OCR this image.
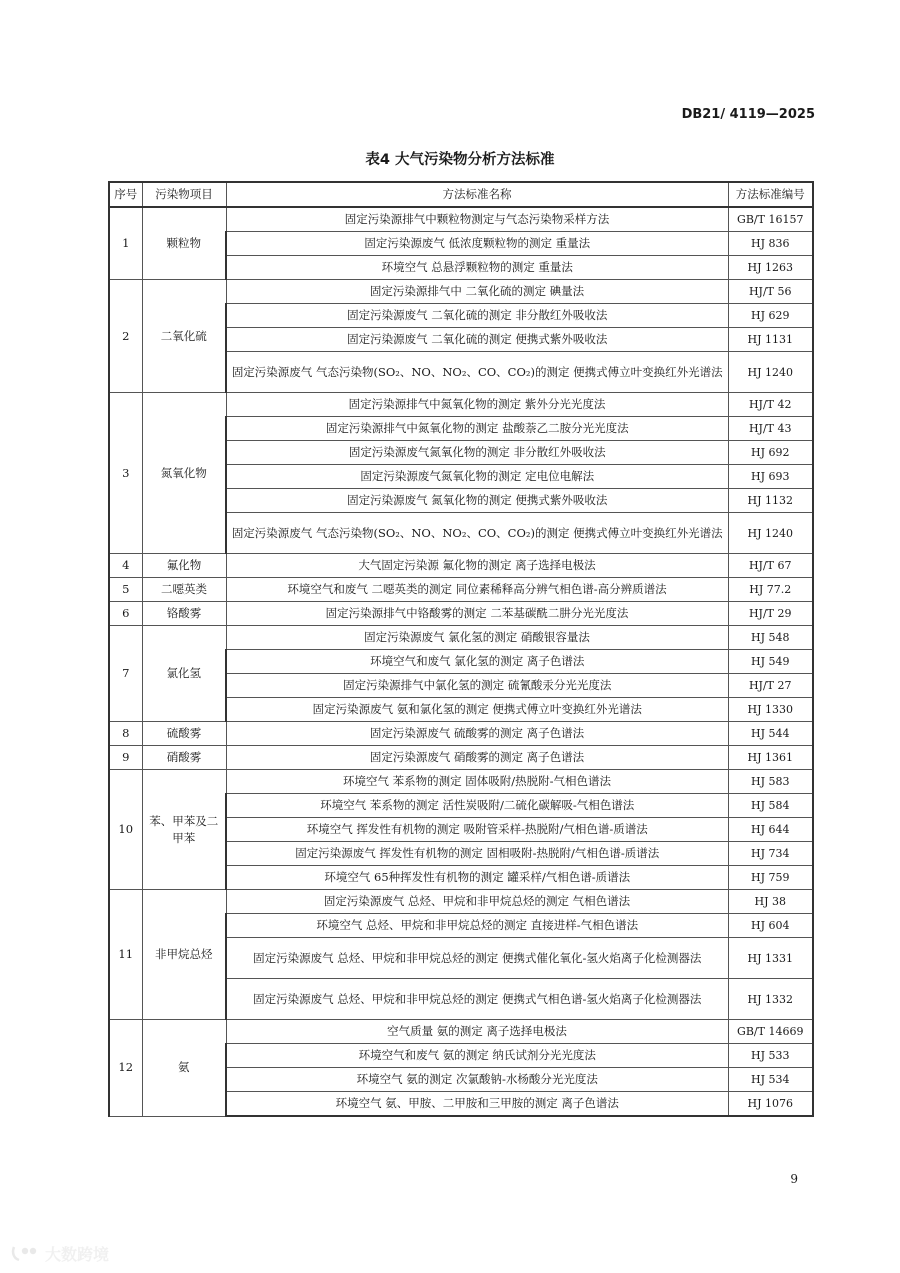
DB21/ 4119—2025
表4 大气污染物分析方法标准
序号	污染物项目	方法标准名称	方法标准编号
1	颗粒物	固定污染源排气中颗粒物测定与气态污染物采样方法	GB/T 16157
		固定污染源废气 低浓度颗粒物的测定 重量法	HJ 836
		环境空气 总悬浮颗粒物的测定 重量法	HJ 1263
2	二氧化硫	固定污染源排气中 二氧化硫的测定 碘量法	HJ/T 56
		固定污染源废气 二氧化硫的测定 非分散红外吸收法	HJ 629
		固定污染源废气 二氧化硫的测定 便携式紫外吸收法	HJ 1131
		固定污染源废气 气态污染物(SO₂、NO、NO₂、CO、CO₂)的测定 便携式傅立叶变换红外光谱法	HJ 1240
3	氮氧化物	固定污染源排气中氮氧化物的测定 紫外分光光度法	HJ/T 42
		固定污染源排气中氮氧化物的测定 盐酸萘乙二胺分光光度法	HJ/T 43
		固定污染源废气氮氧化物的测定 非分散红外吸收法	HJ 692
		固定污染源废气氮氧化物的测定 定电位电解法	HJ 693
		固定污染源废气 氮氧化物的测定 便携式紫外吸收法	HJ 1132
		固定污染源废气 气态污染物(SO₂、NO、NO₂、CO、CO₂)的测定 便携式傅立叶变换红外光谱法	HJ 1240
4	氟化物	大气固定污染源 氟化物的测定 离子选择电极法	HJ/T 67
5	二噁英类	环境空气和废气 二噁英类的测定 同位素稀释高分辨气相色谱-高分辨质谱法	HJ 77.2
6	铬酸雾	固定污染源排气中铬酸雾的测定 二苯基碳酰二肼分光光度法	HJ/T 29
7	氯化氢	固定污染源废气 氯化氢的测定 硝酸银容量法	HJ 548
		环境空气和废气 氯化氢的测定 离子色谱法	HJ 549
		固定污染源排气中氯化氢的测定 硫氰酸汞分光光度法	HJ/T 27
		固定污染源废气 氨和氯化氢的测定 便携式傅立叶变换红外光谱法	HJ 1330
8	硫酸雾	固定污染源废气 硫酸雾的测定 离子色谱法	HJ 544
9	硝酸雾	固定污染源废气 硝酸雾的测定 离子色谱法	HJ 1361
10	苯、甲苯及二甲苯	环境空气 苯系物的测定 固体吸附/热脱附-气相色谱法	HJ 583
		环境空气 苯系物的测定 活性炭吸附/二硫化碳解吸-气相色谱法	HJ 584
		环境空气 挥发性有机物的测定 吸附管采样-热脱附/气相色谱-质谱法	HJ 644
		固定污染源废气 挥发性有机物的测定 固相吸附-热脱附/气相色谱-质谱法	HJ 734
		环境空气 65种挥发性有机物的测定 罐采样/气相色谱-质谱法	HJ 759
11	非甲烷总烃	固定污染源废气 总烃、甲烷和非甲烷总烃的测定 气相色谱法	HJ 38
		环境空气 总烃、甲烷和非甲烷总烃的测定 直接进样-气相色谱法	HJ 604
		固定污染源废气 总烃、甲烷和非甲烷总烃的测定 便携式催化氧化-氢火焰离子化检测器法	HJ 1331
		固定污染源废气 总烃、甲烷和非甲烷总烃的测定 便携式气相色谱-氢火焰离子化检测器法	HJ 1332
12	氨	空气质量 氨的测定 离子选择电极法	GB/T 14669
		环境空气和废气 氨的测定 纳氏试剂分光光度法	HJ 533
		环境空气 氨的测定 次氯酸钠-水杨酸分光光度法	HJ 534
		环境空气 氨、甲胺、二甲胺和三甲胺的测定 离子色谱法	HJ 1076
9
大数跨境
